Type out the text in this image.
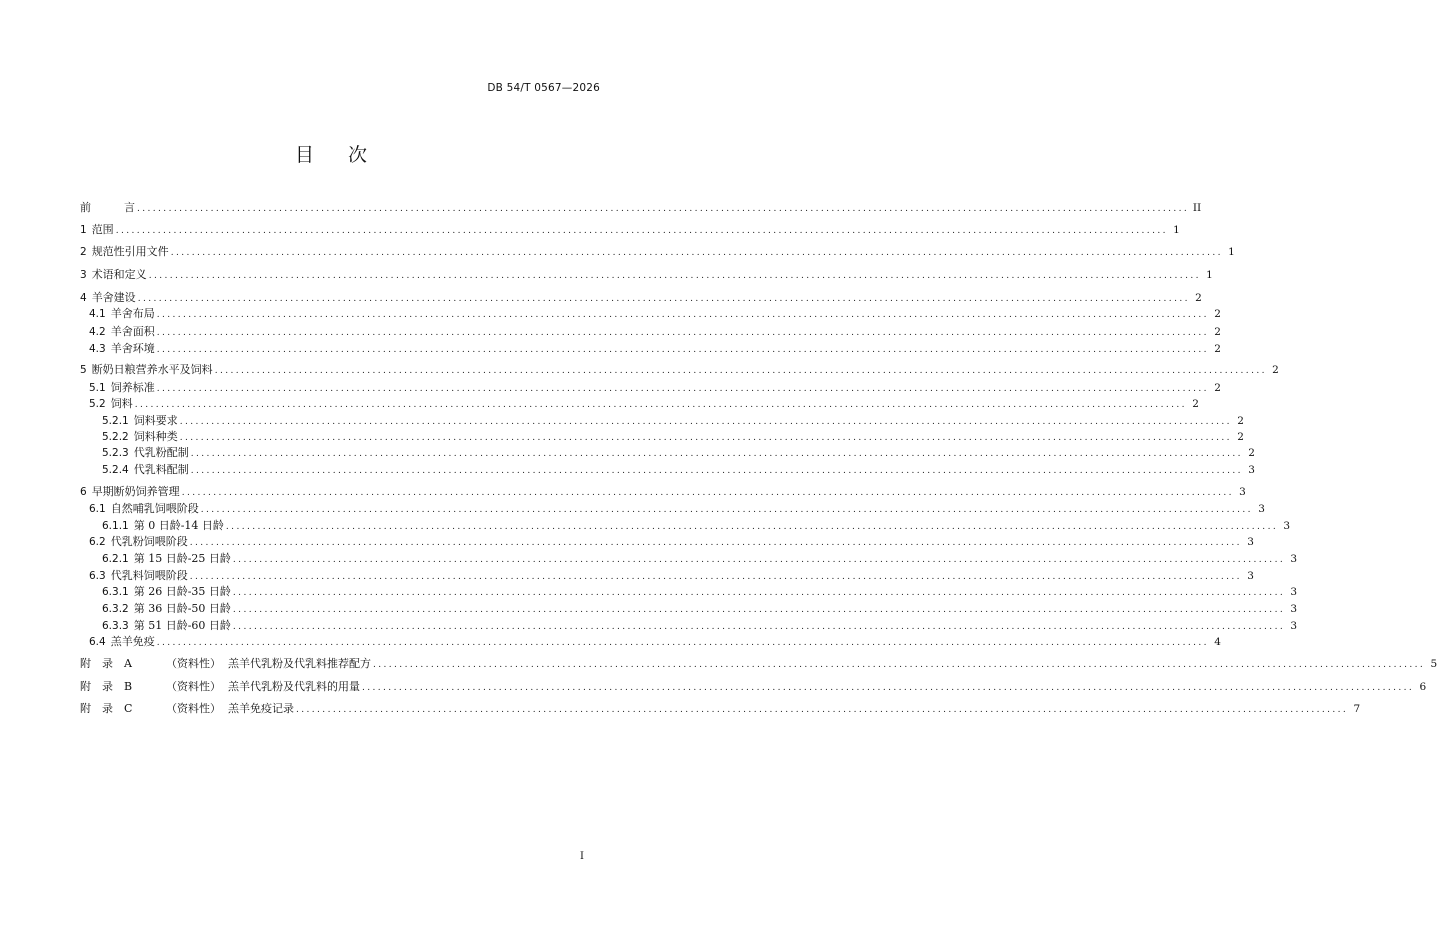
DB 54/T 0567—2026
目次
前　　　言 ........................................................................................................................................................................................................ II
1 范围 ........................................................................................................................................................................................................ 1
2 规范性引用文件 ........................................................................................................................................................................................................ 1
3 术语和定义 ........................................................................................................................................................................................................ 1
4 羊舍建设 ........................................................................................................................................................................................................ 2
4.1 羊舍布局 ........................................................................................................................................................................................................ 2
4.2 羊舍面积 ........................................................................................................................................................................................................ 2
4.3 羊舍环境 ........................................................................................................................................................................................................ 2
5 断奶日粮营养水平及饲料 ........................................................................................................................................................................................................ 2
5.1 饲养标准 ........................................................................................................................................................................................................ 2
5.2 饲料 ........................................................................................................................................................................................................ 2
5.2.1 饲料要求 ........................................................................................................................................................................................................ 2
5.2.2 饲料种类 ........................................................................................................................................................................................................ 2
5.2.3 代乳粉配制 ........................................................................................................................................................................................................ 2
5.2.4 代乳料配制 ........................................................................................................................................................................................................ 3
6 早期断奶饲养管理 ........................................................................................................................................................................................................ 3
6.1 自然哺乳饲喂阶段 ........................................................................................................................................................................................................ 3
6.1.1 第 0 日龄-14 日龄 ........................................................................................................................................................................................................ 3
6.2 代乳粉饲喂阶段 ........................................................................................................................................................................................................ 3
6.2.1 第 15 日龄-25 日龄 ........................................................................................................................................................................................................ 3
6.3 代乳料饲喂阶段 ........................................................................................................................................................................................................ 3
6.3.1 第 26 日龄-35 日龄 ........................................................................................................................................................................................................ 3
6.3.2 第 36 日龄-50 日龄 ........................................................................................................................................................................................................ 3
6.3.3 第 51 日龄-60 日龄 ........................................................................................................................................................................................................ 3
6.4 羔羊免疫 ........................................................................................................................................................................................................ 4
附　录　A	（资料性） 羔羊代乳粉及代乳料推荐配方 ........................................................................................................................................................................................................ 5
附　录　B	（资料性） 羔羊代乳粉及代乳料的用量 ........................................................................................................................................................................................................ 6
附　录　C	（资料性） 羔羊免疫记录 ........................................................................................................................................................................................................ 7
I
